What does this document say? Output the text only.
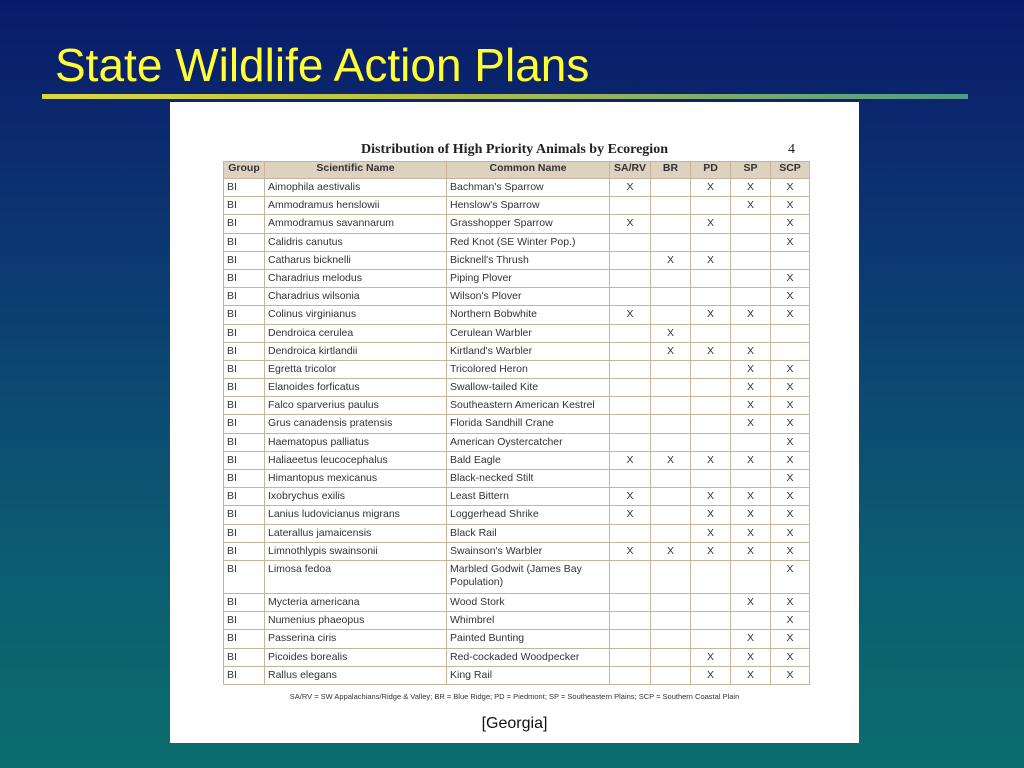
State Wildlife Action Plans
Distribution of High Priority Animals by Ecoregion	4
Group	Scientific Name	Common Name	SA/RV	BR	PD	SP	SCP
BI	Aimophila aestivalis	Bachman's Sparrow	X		X	X	X
BI	Ammodramus henslowii	Henslow's Sparrow				X	X
BI	Ammodramus savannarum	Grasshopper Sparrow	X		X		X
BI	Calidris canutus	Red Knot (SE Winter Pop.)					X
BI	Catharus bicknelli	Bicknell's Thrush		X	X		
BI	Charadrius melodus	Piping Plover					X
BI	Charadrius wilsonia	Wilson's Plover					X
BI	Colinus virginianus	Northern Bobwhite	X		X	X	X
BI	Dendroica cerulea	Cerulean Warbler		X			
BI	Dendroica kirtlandii	Kirtland's Warbler		X	X	X	
BI	Egretta tricolor	Tricolored Heron				X	X
BI	Elanoides forficatus	Swallow-tailed Kite				X	X
BI	Falco sparverius paulus	Southeastern American Kestrel				X	X
BI	Grus canadensis pratensis	Florida Sandhill Crane				X	X
BI	Haematopus palliatus	American Oystercatcher					X
BI	Haliaeetus leucocephalus	Bald Eagle	X	X	X	X	X
BI	Himantopus mexicanus	Black-necked Stilt					X
BI	Ixobrychus exilis	Least Bittern	X		X	X	X
BI	Lanius ludovicianus migrans	Loggerhead Shrike	X		X	X	X
BI	Laterallus jamaicensis	Black Rail			X	X	X
BI	Limnothlypis swainsonii	Swainson's Warbler	X	X	X	X	X
BI	Limosa fedoa	Marbled Godwit (James Bay Population)					X
BI	Mycteria americana	Wood Stork				X	X
BI	Numenius phaeopus	Whimbrel					X
BI	Passerina ciris	Painted Bunting				X	X
BI	Picoides borealis	Red-cockaded Woodpecker			X	X	X
BI	Rallus elegans	King Rail			X	X	X
SA/RV = SW Appalachians/Ridge & Valley; BR = Blue Ridge; PD = Piedmont; SP = Southeastern Plains; SCP = Southern Coastal Plain
[Georgia]
